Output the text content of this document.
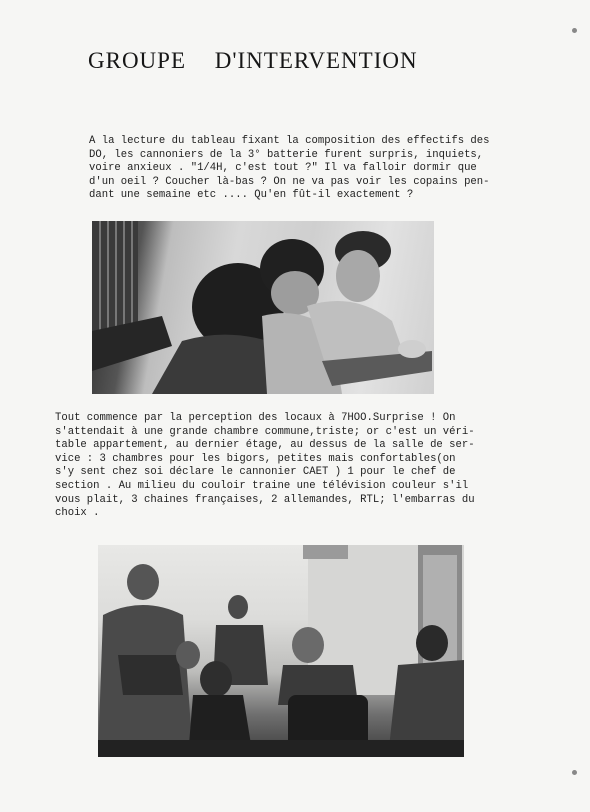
GROUPE D'INTERVENTION
A la lecture du tableau fixant la composition des effectifs des
DO, les cannoniers de la 3° batterie furent surpris, inquiets,
voire anxieux . "1/4H, c'est tout ?" Il va falloir dormir que
d'un oeil ? Coucher là-bas ? On ne va pas voir les copains pen-
dant une semaine etc .... Qu'en fût-il exactement ?
Tout commence par la perception des locaux à 7HOO.Surprise ! On
s'attendait à une grande chambre commune,triste; or c'est un véri-
table appartement, au dernier étage, au dessus de la salle de ser-
vice : 3 chambres pour les bigors, petites mais confortables(on
s'y sent chez soi déclare le cannonier CAET ) 1 pour le chef de
section . Au milieu du couloir traine une télévision couleur s'il
vous plait, 3 chaines françaises, 2 allemandes, RTL; l'embarras du
choix .
